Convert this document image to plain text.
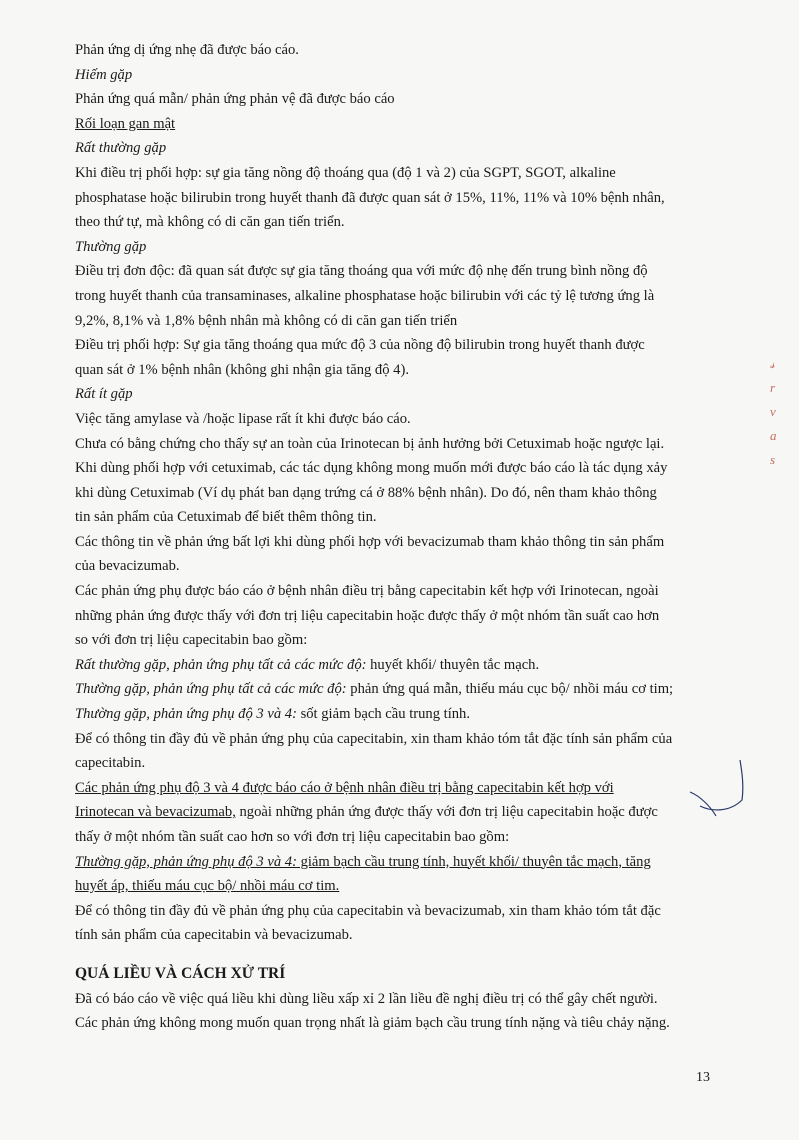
Phản ứng dị ứng nhẹ đã được báo cáo.
Hiếm gặp
Phản ứng quá mẫn/ phản ứng phản vệ đã được báo cáo
Rối loạn gan mật
Rất thường gặp
Khi điều trị phối hợp: sự gia tăng nồng độ thoáng qua (độ 1 và 2) của SGPT, SGOT, alkaline
phosphatase hoặc bilirubin trong huyết thanh đã được quan sát ở 15%, 11%, 11% và 10% bệnh nhân,
theo thứ tự, mà không có di căn gan tiến triển.
Thường gặp
Điều trị đơn độc: đã quan sát được sự gia tăng thoáng qua với mức độ nhẹ đến trung bình nồng độ
trong huyết thanh của transaminases, alkaline phosphatase hoặc bilirubin với các tỷ lệ tương ứng là
9,2%, 8,1% và 1,8% bệnh nhân mà không có di căn gan tiến triển
Điều trị phối hợp: Sự gia tăng thoáng qua mức độ 3 của nồng độ bilirubin trong huyết thanh được
quan sát ở 1% bệnh nhân (không ghi nhận gia tăng độ 4).
Rất ít gặp
Việc tăng amylase và /hoặc lipase rất ít khi được báo cáo.
Chưa có bằng chứng cho thấy sự an toàn của Irinotecan bị ảnh hưởng bởi Cetuximab hoặc ngược lại.
Khi dùng phối hợp với cetuximab, các tác dụng không mong muốn mới được báo cáo là tác dụng xảy
khi dùng Cetuximab (Ví dụ phát ban dạng trứng cá ở 88% bệnh nhân). Do đó, nên tham khảo thông
tin sản phẩm của Cetuximab để biết thêm thông tin.
Các thông tin về phản ứng bất lợi khi dùng phối hợp với bevacizumab tham khảo thông tin sản phẩm
của bevacizumab.
Các phản ứng phụ được báo cáo ở bệnh nhân điều trị bằng capecitabin kết hợp với Irinotecan, ngoài
những phản ứng được thấy với đơn trị liệu capecitabin hoặc được thấy ở một nhóm tần suất cao hơn
so với đơn trị liệu capecitabin bao gồm:
Rất thường gặp, phản ứng phụ tất cả các mức độ: huyết khối/ thuyên tắc mạch.
Thường gặp, phản ứng phụ tất cả các mức độ: phản ứng quá mẫn, thiếu máu cục bộ/ nhồi máu cơ tim;
Thường gặp, phản ứng phụ độ 3 và 4: sốt giảm bạch cầu trung tính.
Để có thông tin đầy đủ về phản ứng phụ của capecitabin, xin tham khảo tóm tắt đặc tính sản phẩm của
capecitabin.
Các phản ứng phụ độ 3 và 4 được báo cáo ở bệnh nhân điều trị bằng capecitabin kết hợp với
Irinotecan và bevacizumab, ngoài những phản ứng được thấy với đơn trị liệu capecitabin hoặc được
thấy ở một nhóm tần suất cao hơn so với đơn trị liệu capecitabin bao gồm:
Thường gặp, phản ứng phụ độ 3 và 4: giảm bạch cầu trung tính, huyết khối/ thuyên tắc mạch, tăng
huyết áp, thiếu máu cục bộ/ nhồi máu cơ tim.
Để có thông tin đầy đủ về phản ứng phụ của capecitabin và bevacizumab, xin tham khảo tóm tắt đặc
tính sản phẩm của capecitabin và bevacizumab.
QUÁ LIỀU VÀ CÁCH XỬ TRÍ
Đã có báo cáo về việc quá liều khi dùng liều xấp xỉ 2 lần liều đề nghị điều trị có thể gây chết người.
Các phản ứng không mong muốn quan trọng nhất là giảm bạch cầu trung tính nặng và tiêu chảy nặng.
13
𝓈
r
v
a
s
